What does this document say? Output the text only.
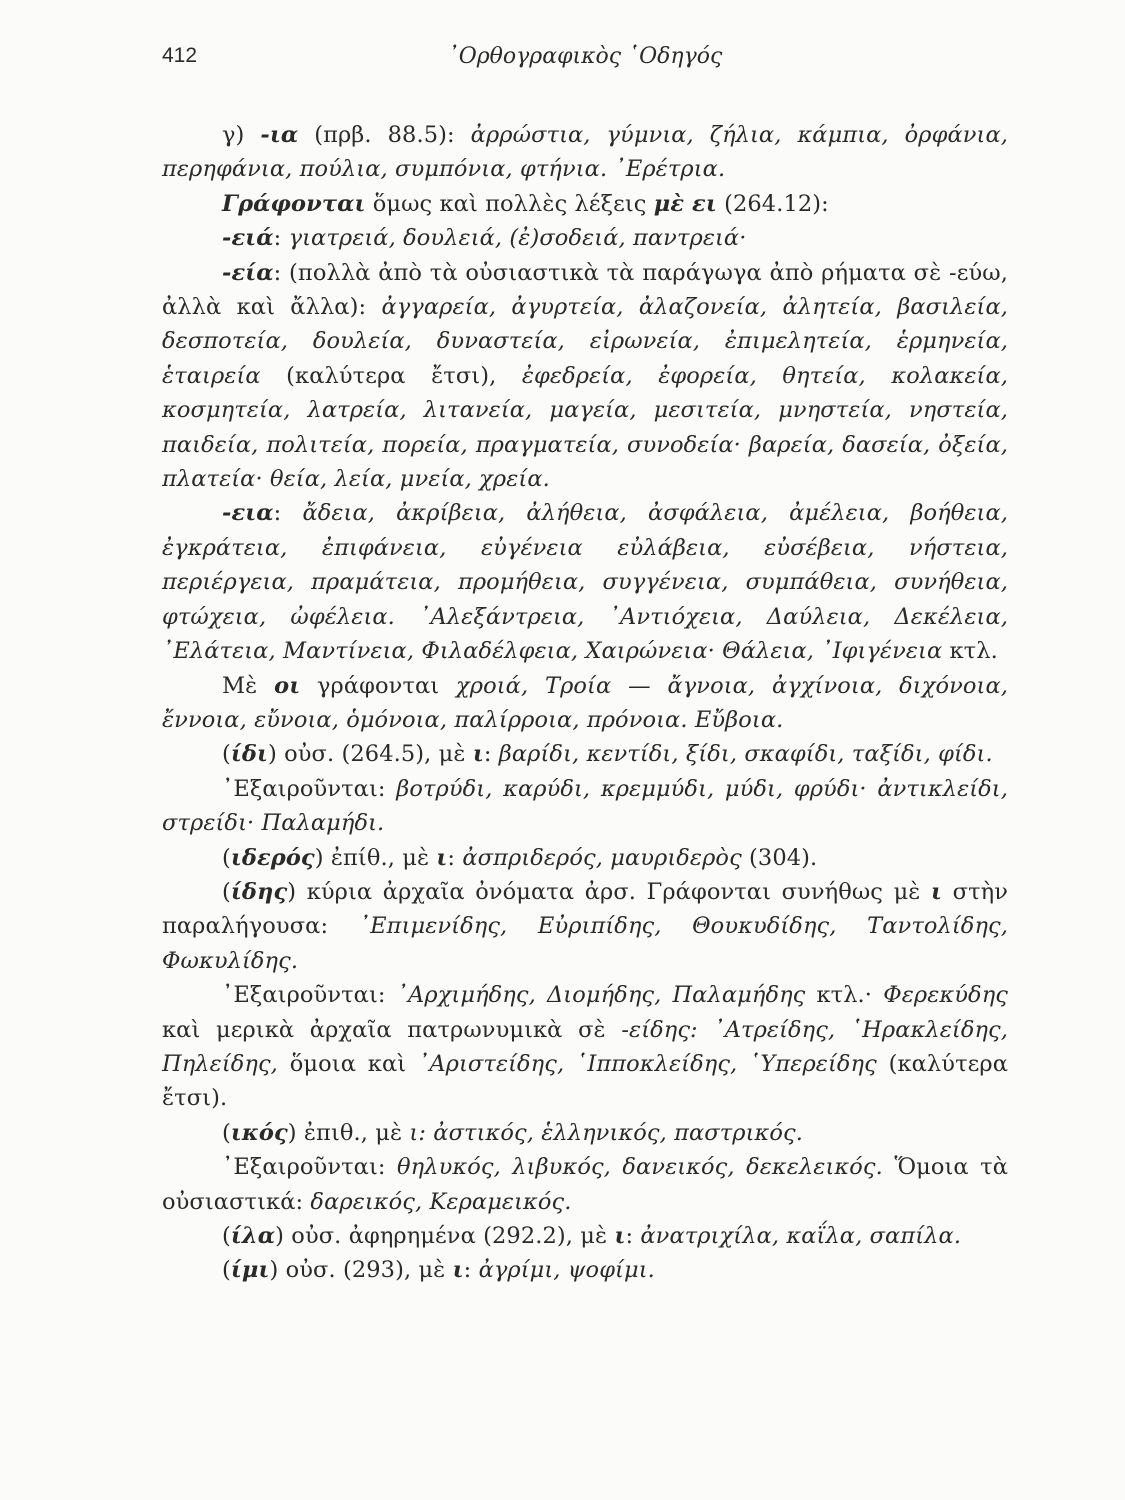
412	᾿Ορθογραφικὸς ῾Οδηγός

γ) -ια (πρβ. 88.5): ἀρρώστια, γύμνια, ζήλια, κάμπια, ὀρφάνια, περηφάνια, πούλια, συμπόνια, φτήνια. ᾿Ερέτρια.

Γράφονται ὅμως καὶ πολλὲς λέξεις μὲ ει (264.12):

-ειά: γιατρειά, δουλειά, (ἐ)σοδειά, παντρειά·

-εία: (πολλὰ ἀπὸ τὰ οὐσιαστικὰ τὰ παράγωγα ἀπὸ ρήματα σὲ -εύω, ἀλλὰ καὶ ἄλλα): ἀγγαρεία, ἀγυρτεία, ἀλαζονεία, ἀλητεία, βασιλεία, δεσποτεία, δουλεία, δυναστεία, εἰρωνεία, ἐπιμελητεία, ἑρμηνεία, ἑταιρεία (καλύτερα ἔτσι), ἐφεδρεία, ἐφορεία, θητεία, κολακεία, κοσμητεία, λατρεία, λιτανεία, μαγεία, μεσιτεία, μνηστεία, νηστεία, παιδεία, πολιτεία, πορεία, πραγματεία, συνοδεία· βαρεία, δασεία, ὀξεία, πλατεία· θεία, λεία, μνεία, χρεία.

-εια: ἄδεια, ἀκρίβεια, ἀλήθεια, ἀσφάλεια, ἀμέλεια, βοήθεια, ἐγκράτεια, ἐπιφάνεια, εὐγένεια εὐλάβεια, εὐσέβεια, νήστεια, περιέργεια, πραμάτεια, προμήθεια, συγγένεια, συμπάθεια, συνήθεια, φτώχεια, ὠφέλεια. ᾿Αλεξάντρεια, ᾿Αντιόχεια, Δαύλεια, Δεκέλεια, ᾿Ελάτεια, Μαντίνεια, Φιλαδέλφεια, Χαιρώνεια· Θάλεια, ᾿Ιφιγένεια κτλ.

Μὲ οι γράφονται χροιά, Τροία — ἄγνοια, ἀγχίνοια, διχόνοια, ἔννοια, εὔνοια, ὁμόνοια, παλίρροια, πρόνοια. Εὔβοια.

(ίδι) οὐσ. (264.5), μὲ ι: βαρίδι, κεντίδι, ξίδι, σκαφίδι, ταξίδι, φίδι.

᾿Εξαιροῦνται: βοτρύδι, καρύδι, κρεμμύδι, μύδι, φρύδι· ἀντικλείδι, στρείδι· Παλαμήδι.

(ιδερός) ἐπίθ., μὲ ι: ἀσπριδερός, μαυριδερὸς (304).

(ίδης) κύρια ἀρχαῖα ὀνόματα ἀρσ. Γράφονται συνήθως μὲ ι στὴν παραλήγουσα: ᾿Επιμενίδης, Εὐριπίδης, Θουκυδίδης, Ταντολίδης, Φωκυλίδης.

᾿Εξαιροῦνται: ᾿Αρχιμήδης, Διομήδης, Παλαμήδης κτλ.· Φερεκύδης καὶ μερικὰ ἀρχαῖα πατρωνυμικὰ σὲ -είδης: ᾿Ατρείδης, ῾Ηρακλείδης, Πηλείδης, ὅμοια καὶ ᾿Αριστείδης, ῾Ιπποκλείδης, ῾Υπερείδης (καλύτερα ἔτσι).

(ικός) ἐπιθ., μὲ ι: ἀστικός, ἑλληνικός, παστρικός.

᾿Εξαιροῦνται: θηλυκός, λιβυκός, δανεικός, δεκελεικός. Ὅμοια τὰ οὐσιαστικά: δαρεικός, Κεραμεικός.

(ίλα) οὐσ. ἀφηρημένα (292.2), μὲ ι: ἀνατριχίλα, καΐλα, σαπίλα.

(ίμι) οὐσ. (293), μὲ ι: ἀγρίμι, ψοφίμι.
